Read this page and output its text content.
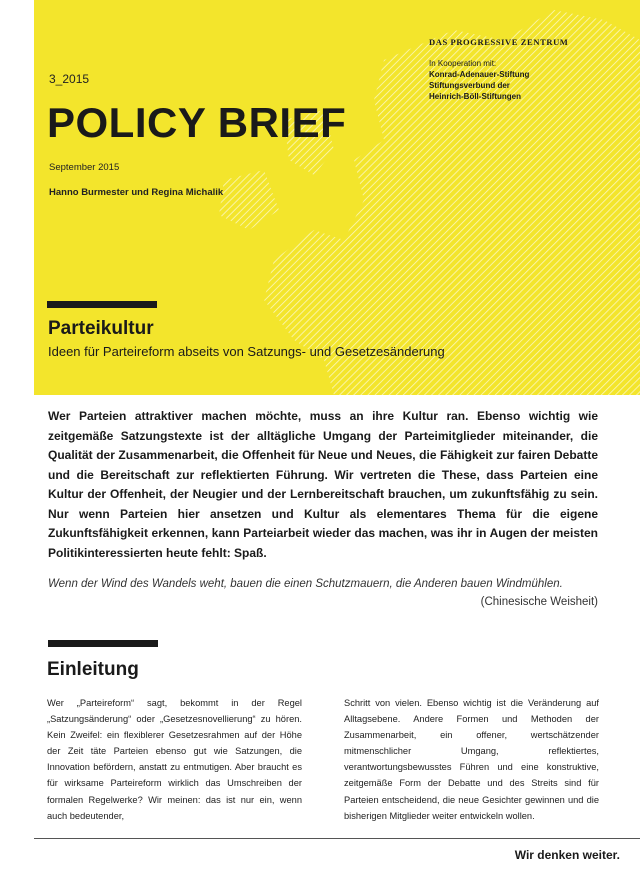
3_2015
POLICY BRIEF
September 2015
Hanno Burmester und Regina Michalik
DAS PROGRESSIVE ZENTRUM
In Kooperation mit:
Konrad-Adenauer-Stiftung
Stiftungsverbund der
Heinrich-Böll-Stiftungen
Parteikultur
Ideen für Parteireform abseits von Satzungs- und Gesetzesänderung
Wer Parteien attraktiver machen möchte, muss an ihre Kultur ran. Ebenso wichtig wie zeitgemäße Satzungstexte ist der alltägliche Umgang der Parteimitglieder miteinander, die Qualität der Zusammenarbeit, die Offenheit für Neue und Neues, die Fähigkeit zur fairen Debatte und die Bereitschaft zur reflektierten Führung. Wir vertreten die These, dass Parteien eine Kultur der Offenheit, der Neugier und der Lernbereitschaft brauchen, um zukunftsfähig zu sein. Nur wenn Parteien hier ansetzen und Kultur als elementares Thema für die eigene Zukunftsfähigkeit erkennen, kann Parteiarbeit wieder das machen, was ihr in Augen der meisten Politikinteressierten heute fehlt: Spaß.
Wenn der Wind des Wandels weht, bauen die einen Schutzmauern, die Anderen bauen Windmühlen.
(Chinesische Weisheit)
Einleitung
Wer „Parteireform“ sagt, bekommt in der Regel „Satzungsänderung“ oder „Gesetzesnovellierung“ zu hören. Kein Zweifel: ein flexiblerer Gesetzesrahmen auf der Höhe der Zeit täte Parteien ebenso gut wie Satzungen, die Innovation befördern, anstatt zu entmutigen. Aber braucht es für wirksame Parteireform wirklich das Umschreiben der formalen Regelwerke? Wir meinen: das ist nur ein, wenn auch bedeutender,
Schritt von vielen. Ebenso wichtig ist die Veränderung auf Alltagsebene. Andere Formen und Methoden der Zusammenarbeit, ein offener, wertschätzender mitmenschlicher Umgang, reflektiertes, verantwortungsbewusstes Führen und eine konstruktive, zeitgemäße Form der Debatte und des Streits sind für Parteien entscheidend, die neue Gesichter gewinnen und die bisherigen Mitglieder weiter entwickeln wollen.
Wir denken weiter.
